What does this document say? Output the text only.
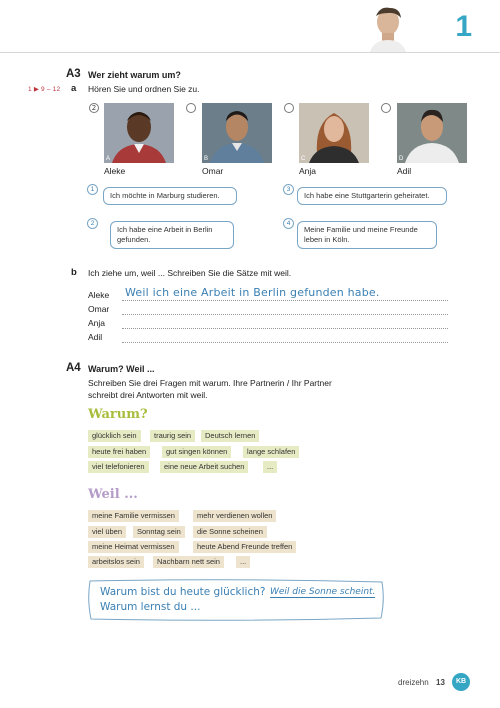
1
A3 Wer zieht warum um?
1 ▶ 9 – 12 a Hören Sie und ordnen Sie zu.
2
A	B	C	D
Aleke	Omar	Anja	Adil
1
Ich möchte in Marburg studieren.
3
Ich habe eine Stuttgarterin geheiratet.
2
Ich habe eine Arbeit in Berlin gefunden.
4
Meine Familie und meine Freunde leben in Köln.
b Ich ziehe um, weil ... Schreiben Sie die Sätze mit weil.
Aleke Weil ich eine Arbeit in Berlin gefunden habe.
Omar
Anja
Adil
A4 Warum? Weil ...
Schreiben Sie drei Fragen mit warum. Ihre Partnerin / Ihr Partner
schreibt drei Antworten mit weil.
Warum?
glücklich sein	traurig sein	Deutsch lernen
heute frei haben	gut singen können	lange schlafen
viel telefonieren	eine neue Arbeit suchen	...
Weil ...
meine Familie vermissen	mehr verdienen wollen
viel üben	Sonntag sein	die Sonne scheinen
meine Heimat vermissen	heute Abend Freunde treffen
arbeitslos sein	Nachbarn nett sein	...
Warum bist du heute glücklich? Weil die Sonne scheint.
Warum lernst du ...
dreizehn 13	KB
